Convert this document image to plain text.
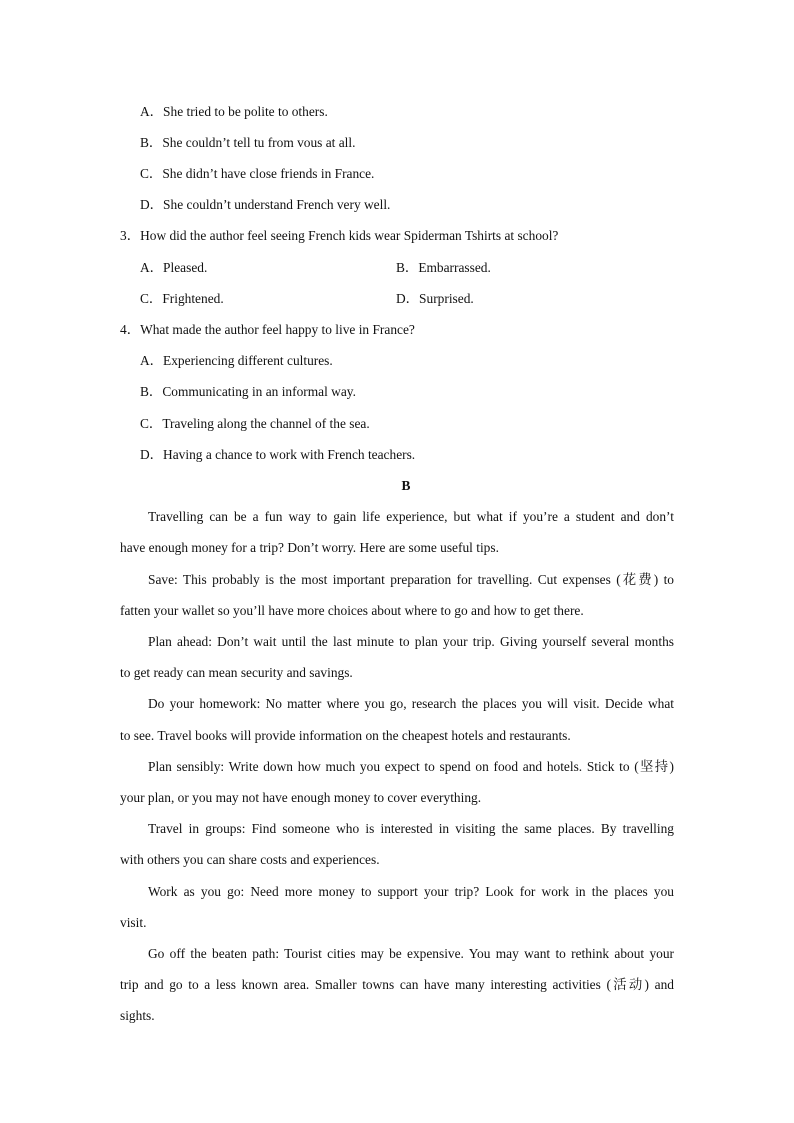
A．She tried to be polite to others.
B．She couldn’t tell tu from vous at all.
C．She didn’t have close friends in France.
D．She couldn’t understand French very well.
3．How did the author feel seeing French kids wear Spiderman Tshirts at school?
A．Pleased.	B．Embarrassed.
C．Frightened.	D．Surprised.
4．What made the author feel happy to live in France?
A．Experiencing different cultures.
B．Communicating in an informal way.
C．Traveling along the channel of the sea.
D．Having a chance to work with French teachers.
B
Travelling can be a fun way to gain life experience, but what if you’re a student and don’t
have enough money for a trip? Don’t worry. Here are some useful tips.
Save: This probably is the most important preparation for travelling. Cut expenses (花费) to
fatten your wallet so you’ll have more choices about where to go and how to get there.
Plan ahead: Don’t wait until the last minute to plan your trip. Giving yourself several months
to get ready can mean security and savings.
Do your homework: No matter where you go, research the places you will visit. Decide what
to see. Travel books will provide information on the cheapest hotels and restaurants.
Plan sensibly: Write down how much you expect to spend on food and hotels. Stick to (坚持)
your plan, or you may not have enough money to cover everything.
Travel in groups: Find someone who is interested in visiting the same places. By travelling
with others you can share costs and experiences.
Work as you go: Need more money to support your trip? Look for work in the places you
visit.
Go off the beaten path: Tourist cities may be expensive. You may want to rethink about your
trip and go to a less known area. Smaller towns can have many interesting activities (活动) and
sights.
